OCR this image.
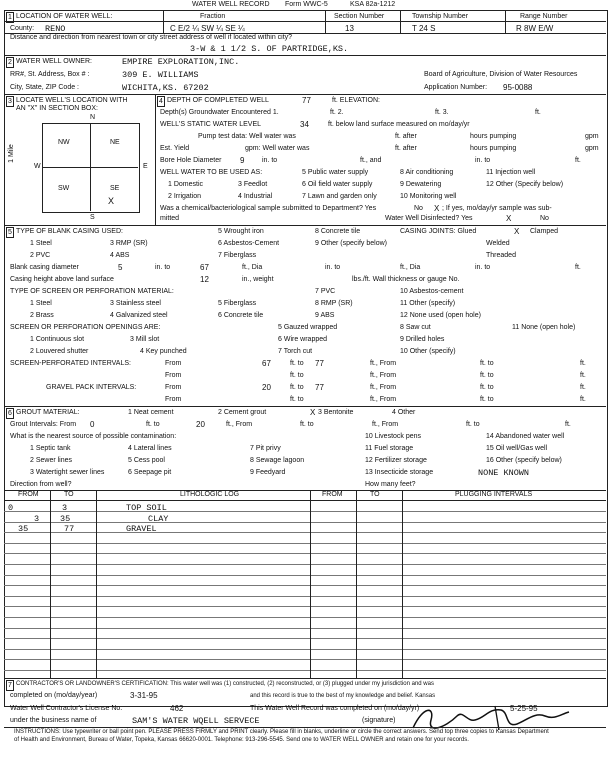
WATER WELL RECORD Form WWC-5	KSA 82a-1212
1 LOCATION OF WATER WELL:
County: RENO
Fraction
C E/2 ¼ SW ¼ SE ¼
Section Number
13
Township Number
T 24 S
Range Number
R 8W E/W
Distance and direction from nearest town or city street address of well if located within city?
3-W & 1 1/2 S. OF PARTRIDGE,KS.
2 WATER WELL OWNER:	EMPIRE EXPLORATION,INC.
RR#, St. Address, Box # :	309 E. WILLIAMS
City, State, ZIP Code :	WICHITA,KS. 67202
Board of Agriculture, Division of Water Resources
Application Number: 95-0088
3 LOCATE WELL'S LOCATION WITH
AN "X" IN SECTION BOX:
N
S
W	E
1 Mile
NW	NE
SW	SE
X
4 DEPTH OF COMPLETED WELL	77	ft. ELEVATION:
Depth(s) Groundwater Encountered 1.	ft. 2.	ft. 3.	ft.
WELL'S STATIC WATER LEVEL	34	ft. below land surface measured on mo/day/yr
Pump test data: Well water was	ft. after	hours pumping	gpm
Est. Yield	gpm: Well water was	ft. after	hours pumping	gpm
Bore Hole Diameter 9	in. to	ft., and	in. to	ft.
WELL WATER TO BE USED AS:	5 Public water supply	8 Air conditioning	11 Injection well
1 Domestic	3 Feedlot	6 Oil field water supply	9 Dewatering	12 Other (Specify below)
2 Irrigation	4 Industrial	7 Lawn and garden only	10 Monitoring well
Was a chemical/bacteriological sample submitted to Department? Yes	No X ; If yes, mo/day/yr sample was sub-
mitted	Water Well Disinfected? Yes	X	No
5 TYPE OF BLANK CASING USED:	5 Wrought iron	8 Concrete tile	CASING JOINTS: Glued	X Clamped
1 Steel	3 RMP (SR)	6 Asbestos-Cement	9 Other (specify below)	Welded
2 PVC	4 ABS	7 Fiberglass	Threaded
Blank casing diameter	5	in. to	67	ft., Dia	in. to	ft., Dia	in. to	ft.
Casing height above land surface	12	in., weight	lbs./ft. Wall thickness or gauge No.
TYPE OF SCREEN OR PERFORATION MATERIAL:	7 PVC	10 Asbestos-cement
1 Steel	3 Stainless steel	5 Fiberglass	8 RMP (SR)	11 Other (specify)
2 Brass	4 Galvanized steel	6 Concrete tile	9 ABS	12 None used (open hole)
SCREEN OR PERFORATION OPENINGS ARE:	5 Gauzed wrapped	8 Saw cut	11 None (open hole)
1 Continuous slot	3 Mill slot	6 Wire wrapped	9 Drilled holes
2 Louvered shutter	4 Key punched	7 Torch cut	10 Other (specify)
SCREEN-PERFORATED INTERVALS:	From	67	ft. to 77	ft., From	ft. to	ft.
From	ft. to	ft., From	ft. to	ft.
GRAVEL PACK INTERVALS:	From	20	ft. to 77	ft., From	ft. to	ft.
From	ft. to	ft., From	ft. to	ft.
6 GROUT MATERIAL:	1 Neat cement	2 Cement grout	X 3 Bentonite	4 Other
Grout Intervals: From 0	ft. to	20	ft., From	ft. to	ft., From	ft. to	ft.
What is the nearest source of possible contamination:	10 Livestock pens	14 Abandoned water well
1 Septic tank	4 Lateral lines	7 Pit privy	11 Fuel storage	15 Oil well/Gas well
2 Sewer lines	5 Cess pool	8 Sewage lagoon	12 Fertilizer storage	16 Other (specify below)
3 Watertight sewer lines	6 Seepage pit	9 Feedyard	13 Insecticide storage	NONE KNOWN
Direction from well?	How many feet?
FROM	TO	LITHOLOGIC LOG	FROM	TO	PLUGGING INTERVALS
0	3	TOP SOIL
3 35	CLAY
35	77	GRAVEL
7 CONTRACTOR'S OR LANDOWNER'S CERTIFICATION: This water well was (1) constructed, (2) reconstructed, or (3) plugged under my jurisdiction and was
completed on (mo/day/year)	3-31-95	and this record is true to the best of my knowledge and belief. Kansas
Water Well Contractor's License No.	462	This Water Well Record was completed on (mo/day/yr)	5-25-95
under the business name of	SAM'S WATER WQELL SERVECE	(signature)
INSTRUCTIONS: Use typewriter or ball point pen. PLEASE PRESS FIRMLY and PRINT clearly. Please fill in blanks, underline or circle the correct answers. Send top three copies to Kansas Department
of Health and Environment, Bureau of Water, Topeka, Kansas 66620-0001. Telephone: 913-296-5545. Send one to WATER WELL OWNER and retain one for your records.
